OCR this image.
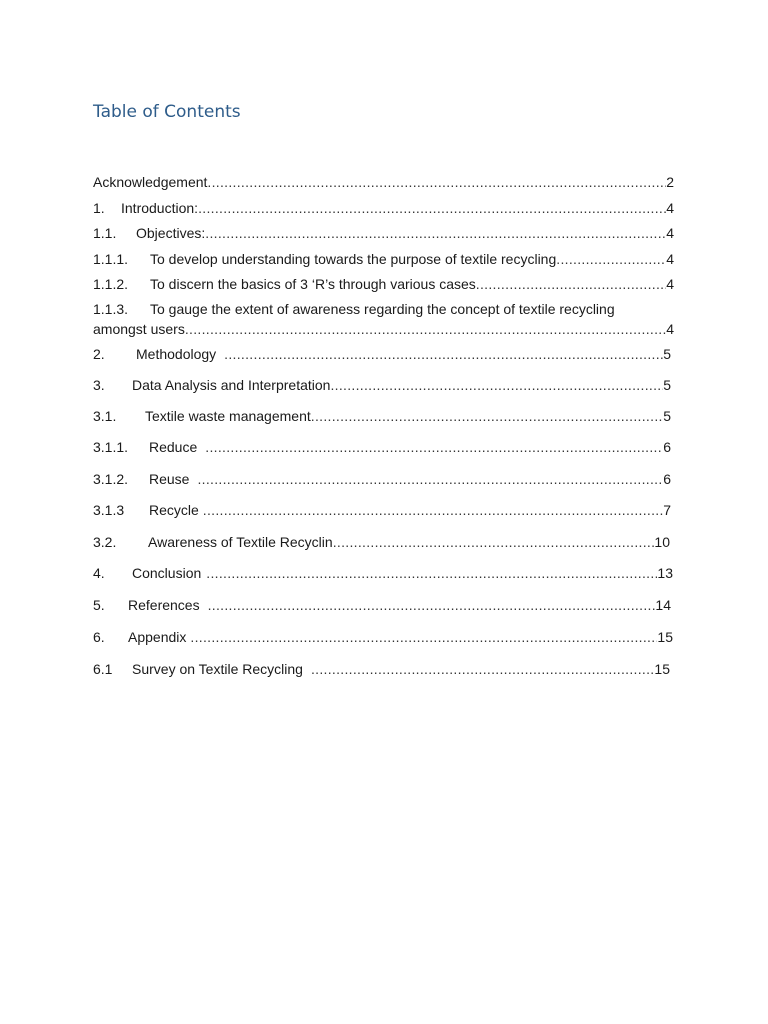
Table of Contents
Acknowledgement .....	2
1.	Introduction: .....	4
1.1.	Objectives: .....	4
1.1.1.	To develop understanding towards the purpose of textile recycling .....	4
1.1.2.	To discern the basics of 3 ‘R’s through various cases .....	4
1.1.3. To gauge the extent of awareness regarding the concept of textile recycling
amongst users .....	4
2.	Methodology .....	5
3.	Data Analysis and Interpretation .....	5
3.1.	Textile waste management .....	5
3.1.1.	Reduce .....	6
3.1.2.	Reuse .....	6
3.1.3	Recycle .....	7
3.2.	Awareness of Textile Recyclin .....	10
4.	Conclusion .....	13
5.	References .....	14
6.	Appendix .....	15
6.1	Survey on Textile Recycling .....	15
